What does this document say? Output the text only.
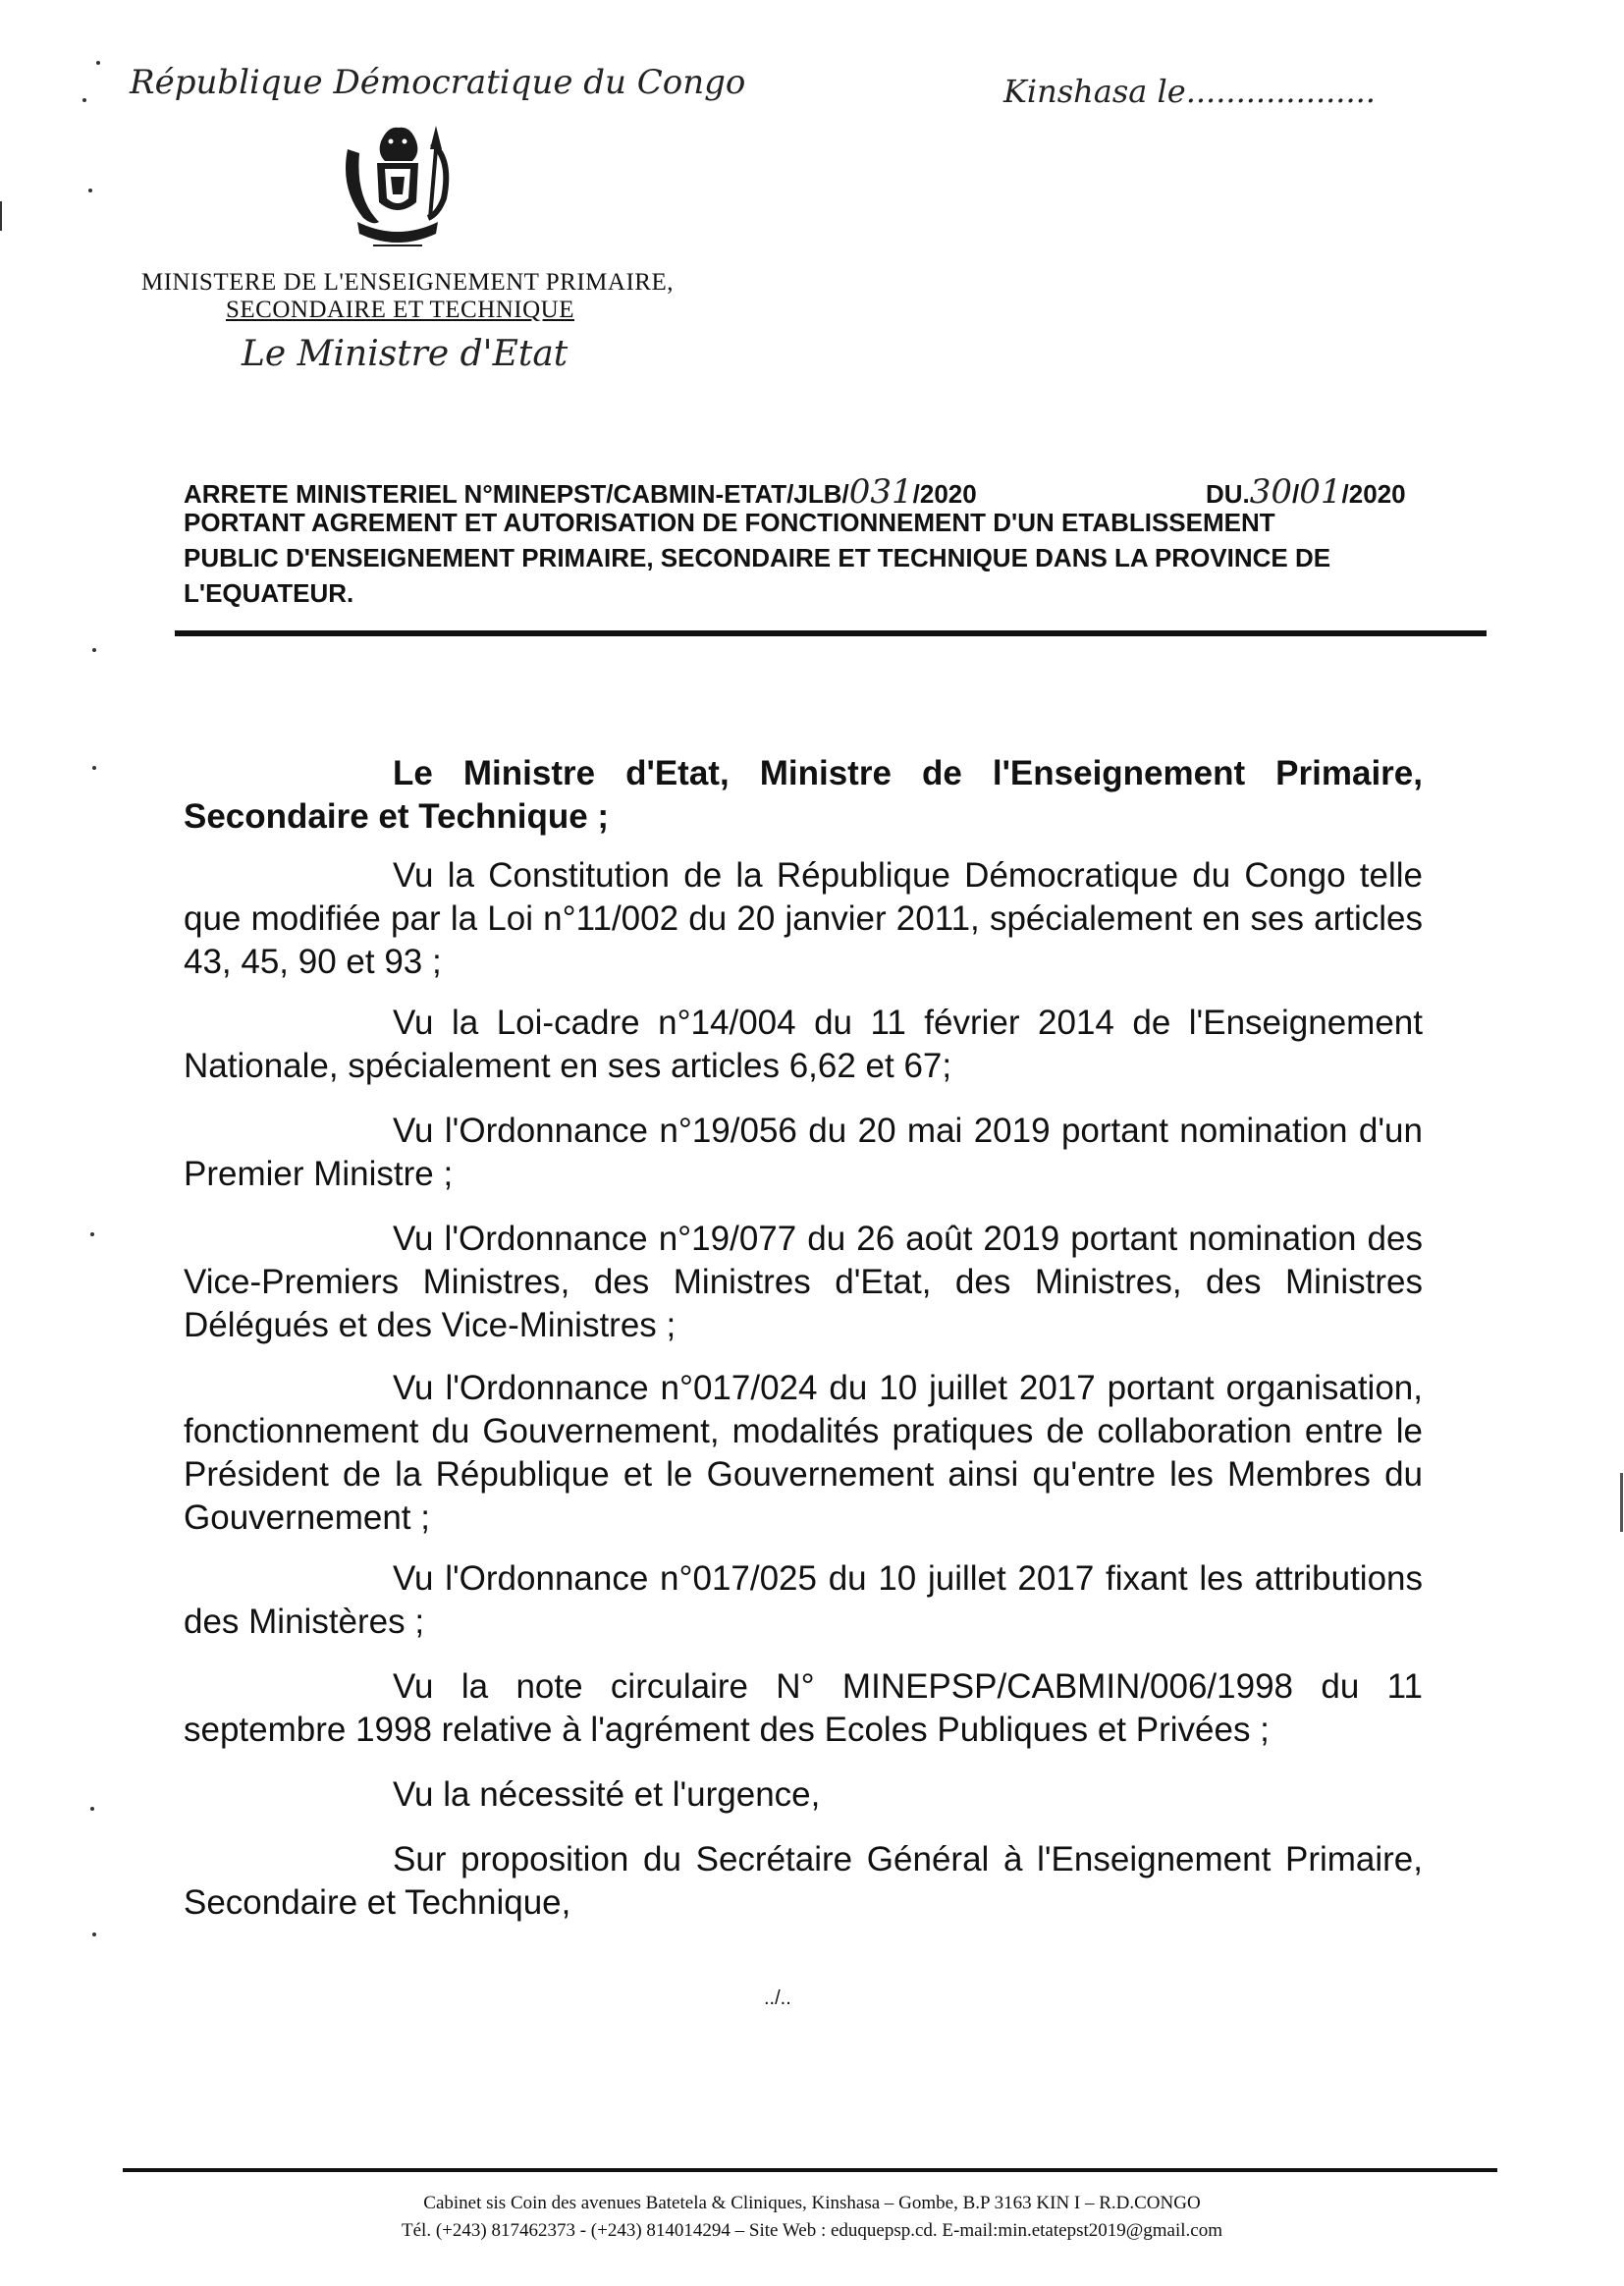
République Démocratique du Congo	Kinshasa le...................
MINISTERE DE L'ENSEIGNEMENT PRIMAIRE,
SECONDAIRE ET TECHNIQUE
Le Ministre d'Etat
ARRETE MINISTERIEL N°MINEPST/CABMIN-ETAT/JLB/031/2020	DU.30/01/2020
PORTANT AGREMENT ET AUTORISATION DE FONCTIONNEMENT D'UN ETABLISSEMENT
PUBLIC D'ENSEIGNEMENT PRIMAIRE, SECONDAIRE ET TECHNIQUE DANS LA PROVINCE DE
L'EQUATEUR.

Le Ministre d'Etat, Ministre de l'Enseignement Primaire, Secondaire et Technique ;

Vu la Constitution de la République Démocratique du Congo telle que modifiée par la Loi n°11/002 du 20 janvier 2011, spécialement en ses articles 43, 45, 90 et 93 ;

Vu la Loi-cadre n°14/004 du 11 février 2014 de l'Enseignement Nationale, spécialement en ses articles 6,62 et 67;

Vu l'Ordonnance n°19/056 du 20 mai 2019 portant nomination d'un Premier Ministre ;

Vu l'Ordonnance n°19/077 du 26 août 2019 portant nomination des Vice-Premiers Ministres, des Ministres d'Etat, des Ministres, des Ministres Délégués et des Vice-Ministres ;

Vu l'Ordonnance n°017/024 du 10 juillet 2017 portant organisation, fonctionnement du Gouvernement, modalités pratiques de collaboration entre le Président de la République et le Gouvernement ainsi qu'entre les Membres du Gouvernement ;

Vu l'Ordonnance n°017/025 du 10 juillet 2017 fixant les attributions des Ministères ;

Vu la note circulaire N° MINEPSP/CABMIN/006/1998 du 11 septembre 1998 relative à l'agrément des Ecoles Publiques et Privées ;

Vu la nécessité et l'urgence,

Sur proposition du Secrétaire Général à l'Enseignement Primaire, Secondaire et Technique,

../..
Cabinet sis Coin des avenues Batetela & Cliniques, Kinshasa – Gombe, B.P 3163 KIN I – R.D.CONGO
Tél. (+243) 817462373 - (+243) 814014294 – Site Web : eduquepsp.cd. E-mail:min.etatepst2019@gmail.com
